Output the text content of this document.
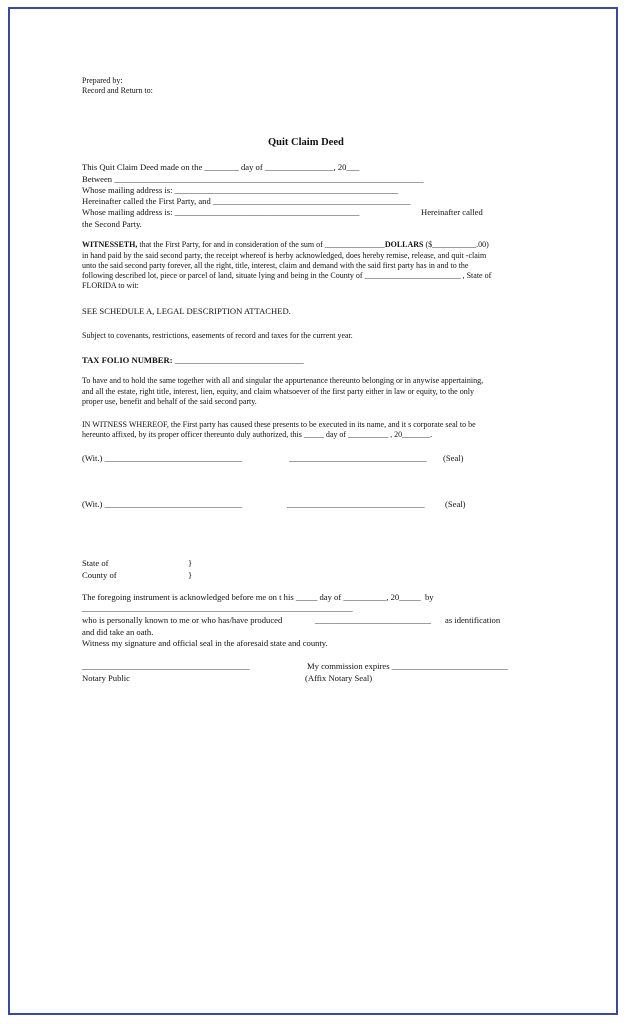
Prepared by:
Record and Return to:
Quit Claim Deed
This Quit Claim Deed made on the ________ day of ________________, 20___
Between ________________________________________________________________________
Whose mailing address is: ____________________________________________________
Hereinafter called the First Party, and ______________________________________________
Whose mailing address is: ___________________________________________	Hereinafter called
the Second Party.
WITNESSETH, that the First Party, for and in consideration of the sum of _______________DOLLARS ($___________.00)
in hand paid by the said second party, the receipt whereof is herby acknowledged, does hereby remise, release, and quit -claim
unto the said second party forever, all the right, title, interest, claim and demand with the said first party has in and to the
following described lot, piece or parcel of land, situate lying and being in the County of ________________________ , State of
FLORIDA to wit:
SEE SCHEDULE A, LEGAL DESCRIPTION ATTACHED.
Subject to covenants, restrictions, easements of record and taxes for the current year.
TAX FOLIO NUMBER: ______________________________
To have and to hold the same together with all and singular the appurtenance thereunto belonging or in anywise appertaining,
and all the estate, right title, interest, lien, equity, and claim whatsoever of the first party either in law or equity, to the only
proper use, benefit and behalf of the said second party.
IN WITNESS WHEREOF, the First party has caused these presents to be executed in its name, and it s corporate seal to be
hereunto affixed, by its proper officer thereunto duly authorized, this _____ day of __________ , 20_______.
(Wit.) ________________________________	________________________________ (Seal)
(Wit.) ________________________________	________________________________ (Seal)
State of	}
County of	}
The foregoing instrument is acknowledged before me on t his _____ day of __________, 20_____  by
_______________________________________________________________
who is personally known to me or who has/have produced	___________________________ as identification
and did take an oath.
Witness my signature and official seal in the aforesaid state and county.
_______________________________________
Notary Public
My commission expires ___________________________
(Affix Notary Seal)
